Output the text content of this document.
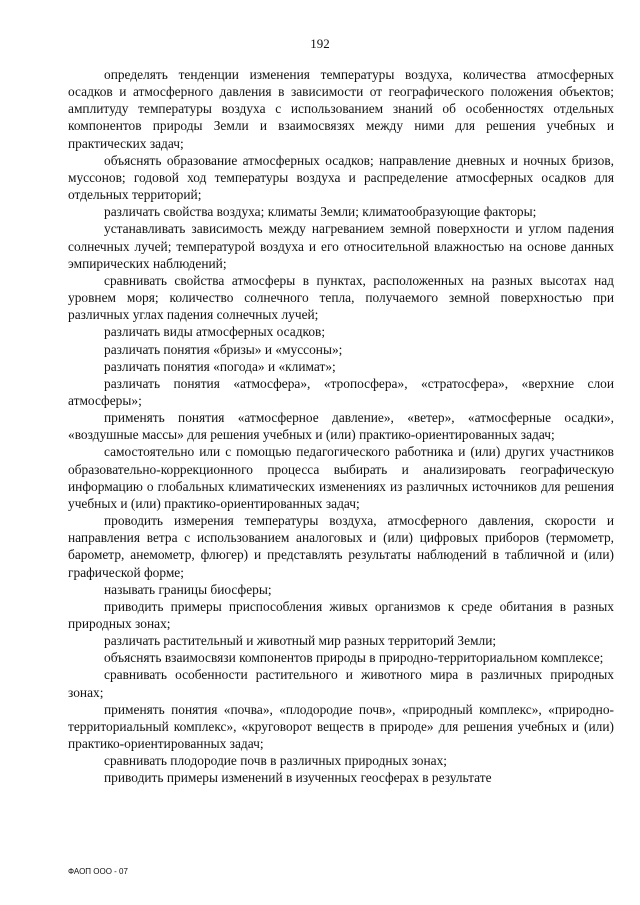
192

определять тенденции изменения температуры воздуха, количества атмосферных осадков и атмосферного давления в зависимости от географического положения объектов; амплитуду температуры воздуха с использованием знаний об особенностях отдельных компонентов природы Земли и взаимосвязях между ними для решения учебных и практических задач;

объяснять образование атмосферных осадков; направление дневных и ночных бризов, муссонов; годовой ход температуры воздуха и распределение атмосферных осадков для отдельных территорий;

различать свойства воздуха; климаты Земли; климатообразующие факторы;

устанавливать зависимость между нагреванием земной поверхности и углом падения солнечных лучей; температурой воздуха и его относительной влажностью на основе данных эмпирических наблюдений;

сравнивать свойства атмосферы в пунктах, расположенных на разных высотах над уровнем моря; количество солнечного тепла, получаемого земной поверхностью при различных углах падения солнечных лучей;

различать виды атмосферных осадков;

различать понятия «бризы» и «муссоны»;

различать понятия «погода» и «климат»;

различать понятия «атмосфера», «тропосфера», «стратосфера», «верхние слои атмосферы»;

применять понятия «атмосферное давление», «ветер», «атмосферные осадки», «воздушные массы» для решения учебных и (или) практико-ориентированных задач;

самостоятельно или с помощью педагогического работника и (или) других участников образовательно-коррекционного процесса выбирать и анализировать географическую информацию о глобальных климатических изменениях из различных источников для решения учебных и (или) практико-ориентированных задач;

проводить измерения температуры воздуха, атмосферного давления, скорости и направления ветра с использованием аналоговых и (или) цифровых приборов (термометр, барометр, анемометр, флюгер) и представлять результаты наблюдений в табличной и (или) графической форме;

называть границы биосферы;

приводить примеры приспособления живых организмов к среде обитания в разных природных зонах;

различать растительный и животный мир разных территорий Земли;

объяснять взаимосвязи компонентов природы в природно-территориальном комплексе;

сравнивать особенности растительного и животного мира в различных природных зонах;

применять понятия «почва», «плодородие почв», «природный комплекс», «природно-территориальный комплекс», «круговорот веществ в природе» для решения учебных и (или) практико-ориентированных задач;

сравнивать плодородие почв в различных природных зонах;

приводить примеры изменений в изученных геосферах в результате

ФАОП ООО - 07
